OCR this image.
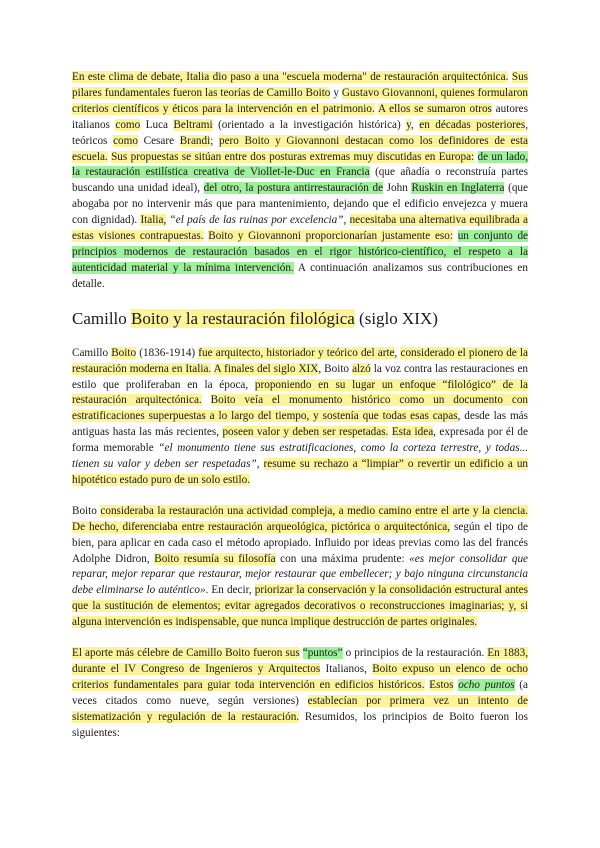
En este clima de debate, Italia dio paso a una "escuela moderna" de restauración arquitectónica. Sus pilares fundamentales fueron las teorías de Camillo Boito y Gustavo Giovannoni, quienes formularon criterios científicos y éticos para la intervención en el patrimonio. A ellos se sumaron otros autores italianos como Luca Beltrami (orientado a la investigación histórica) y, en décadas posteriores, teóricos como Cesare Brandi; pero Boito y Giovannoni destacan como los definidores de esta escuela. Sus propuestas se sitúan entre dos posturas extremas muy discutidas en Europa: de un lado, la restauración estilística creativa de Viollet-le-Duc en Francia (que añadía o reconstruía partes buscando una unidad ideal), del otro, la postura antirrestauración de John Ruskin en Inglaterra (que abogaba por no intervenir más que para mantenimiento, dejando que el edificio envejezca y muera con dignidad). Italia, “el país de las ruinas por excelencia”, necesitaba una alternativa equilibrada a estas visiones contrapuestas. Boito y Giovannoni proporcionarían justamente eso: un conjunto de principios modernos de restauración basados en el rigor histórico-científico, el respeto a la autenticidad material y la mínima intervención. A continuación analizamos sus contribuciones en detalle.

Camillo Boito y la restauración filológica (siglo XIX)

Camillo Boito (1836-1914) fue arquitecto, historiador y teórico del arte, considerado el pionero de la restauración moderna en Italia. A finales del siglo XIX, Boito alzó la voz contra las restauraciones en estilo que proliferaban en la época, proponiendo en su lugar un enfoque “filológico” de la restauración arquitectónica. Boito veía el monumento histórico como un documento con estratificaciones superpuestas a lo largo del tiempo, y sostenía que todas esas capas, desde las más antiguas hasta las más recientes, poseen valor y deben ser respetadas. Esta idea, expresada por él de forma memorable “el monumento tiene sus estratificaciones, como la corteza terrestre, y todas... tienen su valor y deben ser respetadas”, resume su rechazo a “limpiar” o revertir un edificio a un hipotético estado puro de un solo estilo.

Boito consideraba la restauración una actividad compleja, a medio camino entre el arte y la ciencia. De hecho, diferenciaba entre restauración arqueológica, pictórica o arquitectónica, según el tipo de bien, para aplicar en cada caso el método apropiado. Influido por ideas previas como las del francés Adolphe Didron, Boito resumía su filosofía con una máxima prudente: «es mejor consolidar que reparar, mejor reparar que restaurar, mejor restaurar que embellecer; y bajo ninguna circunstancia debe eliminarse lo auténtico». En decir, priorizar la conservación y la consolidación estructural antes que la sustitución de elementos; evitar agregados decorativos o reconstrucciones imaginarias; y, si alguna intervención es indispensable, que nunca implique destrucción de partes originales.

El aporte más célebre de Camillo Boito fueron sus “puntos” o principios de la restauración. En 1883, durante el IV Congreso de Ingenieros y Arquitectos Italianos, Boito expuso un elenco de ocho criterios fundamentales para guiar toda intervención en edificios históricos. Estos ocho puntos (a veces citados como nueve, según versiones) establecían por primera vez un intento de sistematización y regulación de la restauración. Resumidos, los principios de Boito fueron los siguientes:
